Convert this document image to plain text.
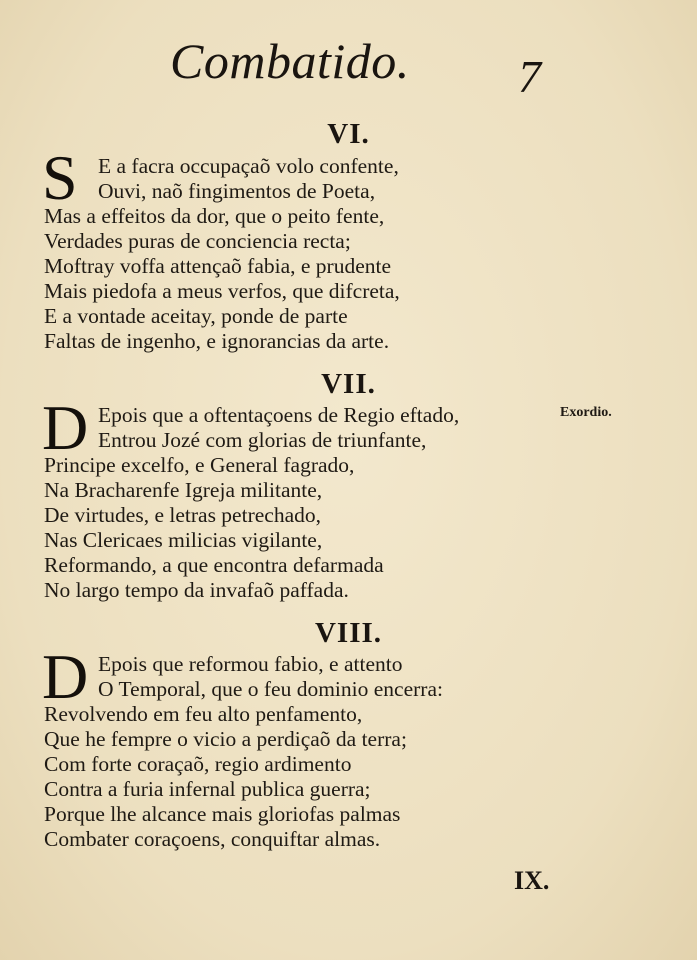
Combatido. 7
VI.
S E a facra occupaçaõ volo confente,
Ouvi, naõ fingimentos de Poeta,
Mas a effeitos da dor, que o peito fente,
Verdades puras de conciencia recta;
Moftray voffa attençaõ fabia, e prudente
Mais piedofa a meus verfos, que difcreta,
E a vontade aceitay, ponde de parte
Faltas de ingenho, e ignorancias da arte.
VII.
D	Exordio.
Epois que a oftentaçoens de Regio eftado,
Entrou Jozé com glorias de triunfante,
Principe excelfo, e General fagrado,
Na Bracharenfe Igreja militante,
De virtudes, e letras petrechado,
Nas Clericaes milicias vigilante,
Reformando, a que encontra defarmada
No largo tempo da invafaõ paffada.
VIII.
D Epois que reformou fabio, e attento
O Temporal, que o feu dominio encerra:
Revolvendo em feu alto penfamento,
Que he fempre o vicio a perdiçaõ da terra;
Com forte coraçaõ, regio ardimento
Contra a furia infernal publica guerra;
Porque lhe alcance mais gloriofas palmas
Combater coraçoens, conquiftar almas.
IX.
